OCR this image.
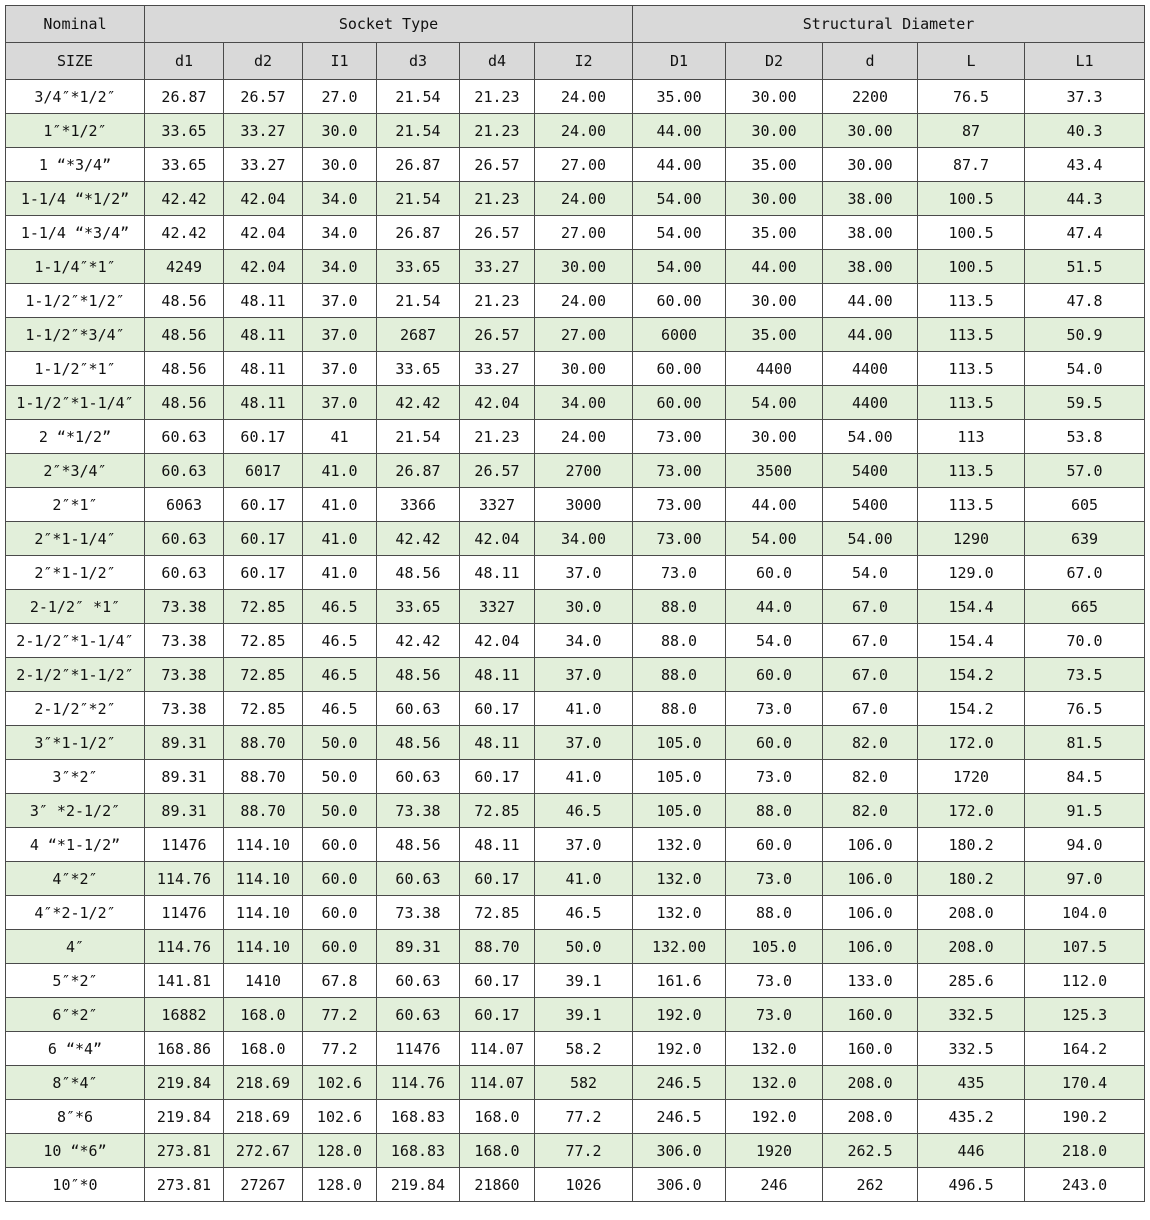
Nominal	Socket Type						Structural Diameter				
SIZE	d1	d2	I1	d3	d4	I2	D1	D2	d	L	L1
3/4″*1/2″	26.87	26.57	27.0	21.54	21.23	24.00	35.00	30.00	2200	76.5	37.3
1″*1/2″	33.65	33.27	30.0	21.54	21.23	24.00	44.00	30.00	30.00	87	40.3
1 “*3/4”	33.65	33.27	30.0	26.87	26.57	27.00	44.00	35.00	30.00	87.7	43.4
1-1/4 “*1/2”	42.42	42.04	34.0	21.54	21.23	24.00	54.00	30.00	38.00	100.5	44.3
1-1/4 “*3/4”	42.42	42.04	34.0	26.87	26.57	27.00	54.00	35.00	38.00	100.5	47.4
1-1/4″*1″	4249	42.04	34.0	33.65	33.27	30.00	54.00	44.00	38.00	100.5	51.5
1-1/2″*1/2″	48.56	48.11	37.0	21.54	21.23	24.00	60.00	30.00	44.00	113.5	47.8
1-1/2″*3/4″	48.56	48.11	37.0	2687	26.57	27.00	6000	35.00	44.00	113.5	50.9
1-1/2″*1″	48.56	48.11	37.0	33.65	33.27	30.00	60.00	4400	4400	113.5	54.0
1-1/2″*1-1/4″	48.56	48.11	37.0	42.42	42.04	34.00	60.00	54.00	4400	113.5	59.5
2 “*1/2”	60.63	60.17	41	21.54	21.23	24.00	73.00	30.00	54.00	113	53.8
2″*3/4″	60.63	6017	41.0	26.87	26.57	2700	73.00	3500	5400	113.5	57.0
2″*1″	6063	60.17	41.0	3366	3327	3000	73.00	44.00	5400	113.5	605
2″*1-1/4″	60.63	60.17	41.0	42.42	42.04	34.00	73.00	54.00	54.00	1290	639
2″*1-1/2″	60.63	60.17	41.0	48.56	48.11	37.0	73.0	60.0	54.0	129.0	67.0
2-1/2″ *1″	73.38	72.85	46.5	33.65	3327	30.0	88.0	44.0	67.0	154.4	665
2-1/2″*1-1/4″	73.38	72.85	46.5	42.42	42.04	34.0	88.0	54.0	67.0	154.4	70.0
2-1/2″*1-1/2″	73.38	72.85	46.5	48.56	48.11	37.0	88.0	60.0	67.0	154.2	73.5
2-1/2″*2″	73.38	72.85	46.5	60.63	60.17	41.0	88.0	73.0	67.0	154.2	76.5
3″*1-1/2″	89.31	88.70	50.0	48.56	48.11	37.0	105.0	60.0	82.0	172.0	81.5
3″*2″	89.31	88.70	50.0	60.63	60.17	41.0	105.0	73.0	82.0	1720	84.5
3″ *2-1/2″	89.31	88.70	50.0	73.38	72.85	46.5	105.0	88.0	82.0	172.0	91.5
4 “*1-1/2”	11476	114.10	60.0	48.56	48.11	37.0	132.0	60.0	106.0	180.2	94.0
4″*2″	114.76	114.10	60.0	60.63	60.17	41.0	132.0	73.0	106.0	180.2	97.0
4″*2-1/2″	11476	114.10	60.0	73.38	72.85	46.5	132.0	88.0	106.0	208.0	104.0
4″	114.76	114.10	60.0	89.31	88.70	50.0	132.00	105.0	106.0	208.0	107.5
5″*2″	141.81	1410	67.8	60.63	60.17	39.1	161.6	73.0	133.0	285.6	112.0
6″*2″	16882	168.0	77.2	60.63	60.17	39.1	192.0	73.0	160.0	332.5	125.3
6 “*4”	168.86	168.0	77.2	11476	114.07	58.2	192.0	132.0	160.0	332.5	164.2
8″*4″	219.84	218.69	102.6	114.76	114.07	582	246.5	132.0	208.0	435	170.4
8″*6	219.84	218.69	102.6	168.83	168.0	77.2	246.5	192.0	208.0	435.2	190.2
10 “*6”	273.81	272.67	128.0	168.83	168.0	77.2	306.0	1920	262.5	446	218.0
10″*0	273.81	27267	128.0	219.84	21860	1026	306.0	246	262	496.5	243.0
